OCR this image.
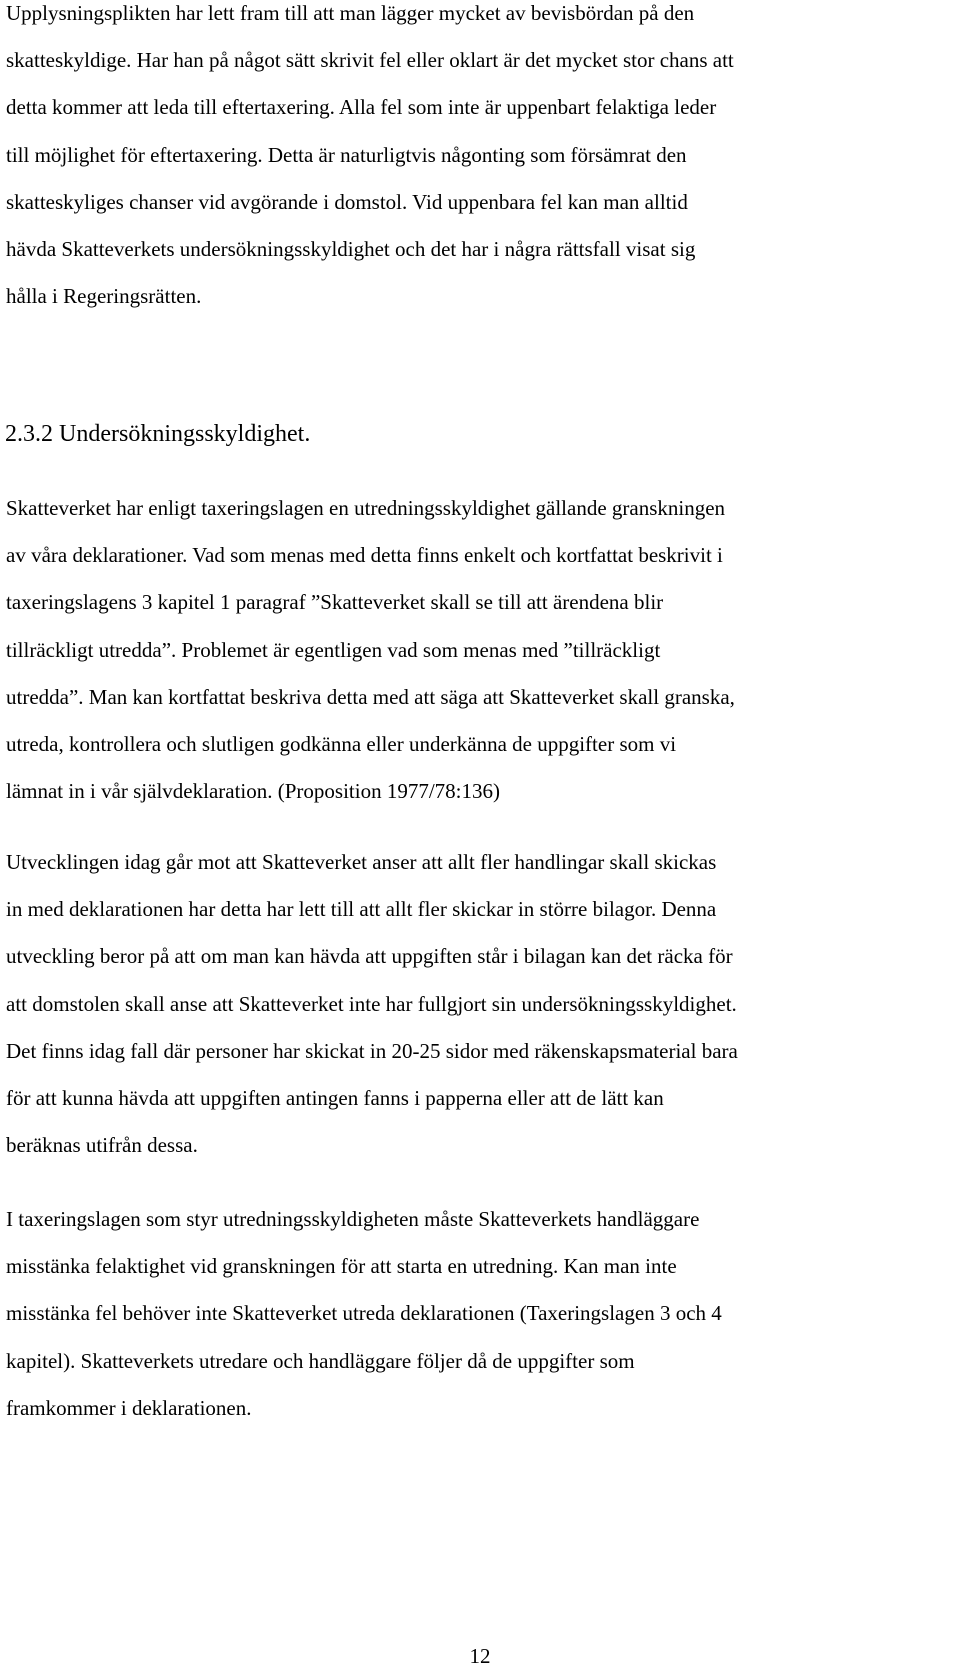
Upplysningsplikten har lett fram till att man lägger mycket av bevisbördan på den
skatteskyldige. Har han på något sätt skrivit fel eller oklart är det mycket stor chans att
detta kommer att leda till eftertaxering. Alla fel som inte är uppenbart felaktiga leder
till möjlighet för eftertaxering. Detta är naturligtvis någonting som försämrat den
skatteskyliges chanser vid avgörande i domstol. Vid uppenbara fel kan man alltid
hävda Skatteverkets undersökningsskyldighet och det har i några rättsfall visat sig
hålla i Regeringsrätten.
2.3.2 Undersökningsskyldighet.
Skatteverket har enligt taxeringslagen en utredningsskyldighet gällande granskningen
av våra deklarationer. Vad som menas med detta finns enkelt och kortfattat beskrivit i
taxeringslagens 3 kapitel 1 paragraf ”Skatteverket skall se till att ärendena blir
tillräckligt utredda”. Problemet är egentligen vad som menas med ”tillräckligt
utredda”. Man kan kortfattat beskriva detta med att säga att Skatteverket skall granska,
utreda, kontrollera och slutligen godkänna eller underkänna de uppgifter som vi
lämnat in i vår självdeklaration. (Proposition 1977/78:136)
Utvecklingen idag går mot att Skatteverket anser att allt fler handlingar skall skickas
in med deklarationen har detta har lett till att allt fler skickar in större bilagor. Denna
utveckling beror på att om man kan hävda att uppgiften står i bilagan kan det räcka för
att domstolen skall anse att Skatteverket inte har fullgjort sin undersökningsskyldighet.
Det finns idag fall där personer har skickat in 20-25 sidor med räkenskapsmaterial bara
för att kunna hävda att uppgiften antingen fanns i papperna eller att de lätt kan
beräknas utifrån dessa.
I taxeringslagen som styr utredningsskyldigheten måste Skatteverkets handläggare
misstänka felaktighet vid granskningen för att starta en utredning. Kan man inte
misstänka fel behöver inte Skatteverket utreda deklarationen (Taxeringslagen 3 och 4
kapitel). Skatteverkets utredare och handläggare följer då de uppgifter som
framkommer i deklarationen.
12
